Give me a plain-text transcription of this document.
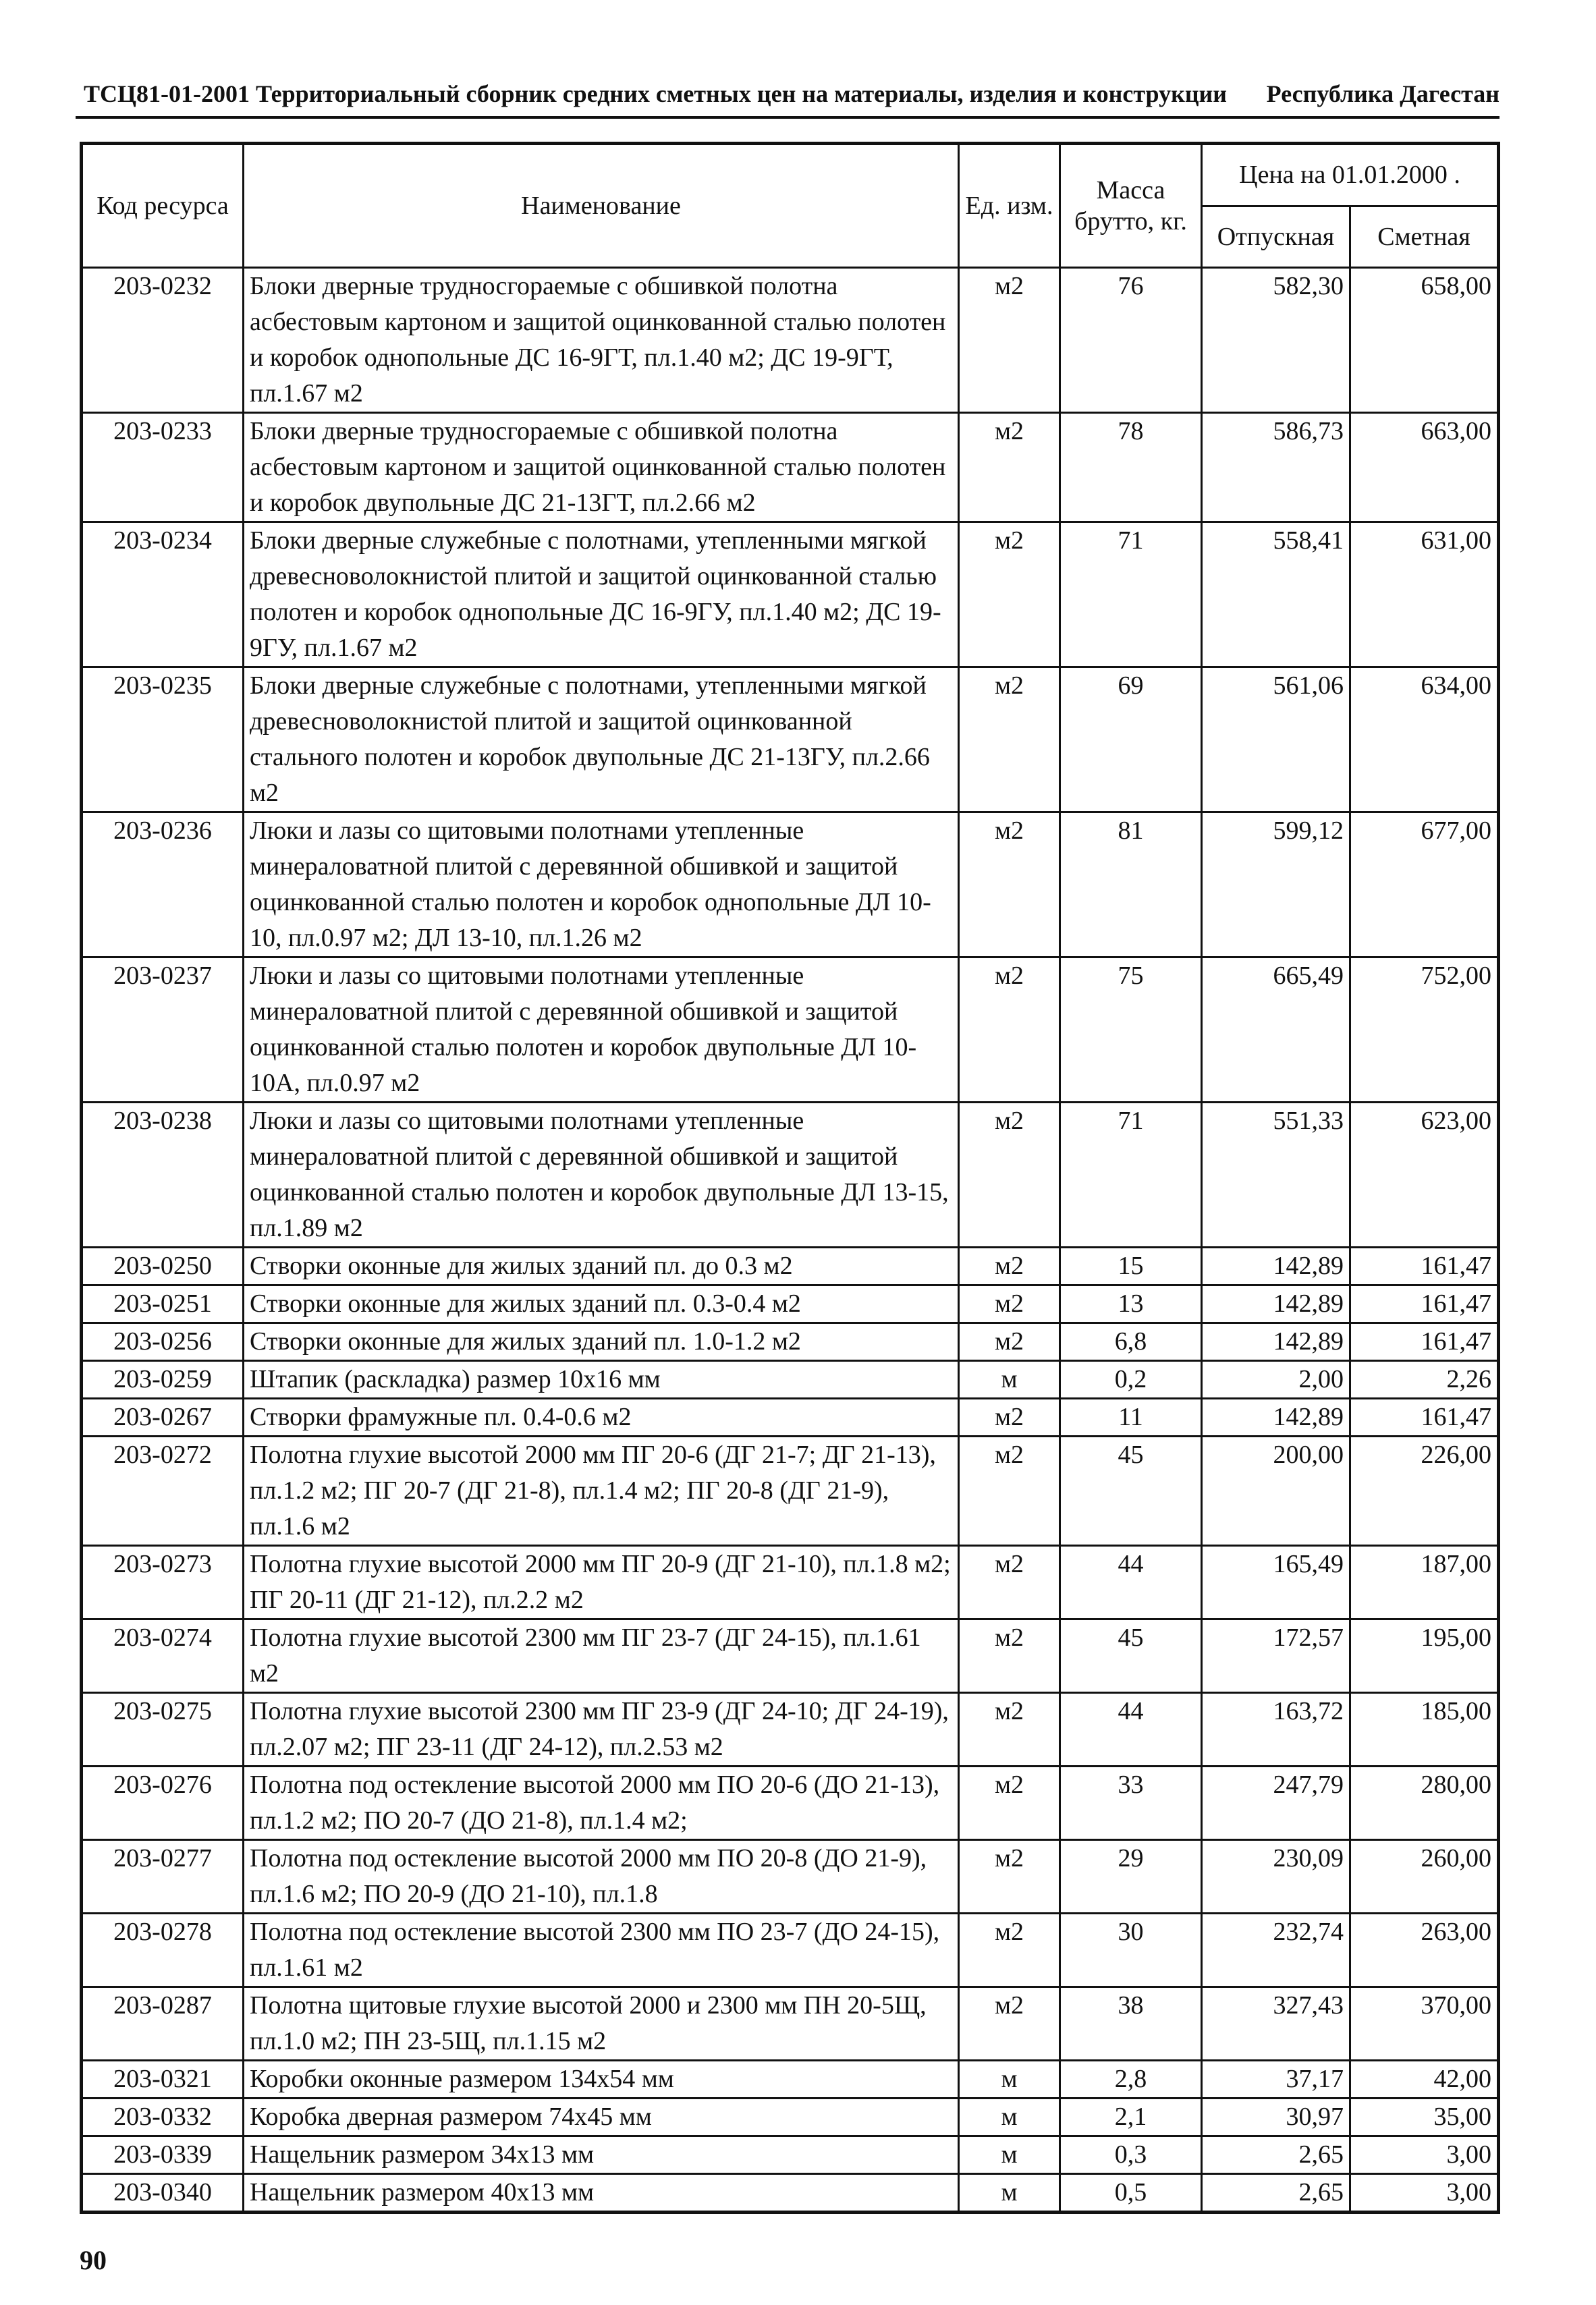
ТСЦ81-01-2001 Территориальный сборник средних сметных цен на материалы, изделия и конструкции Республика Дагестан
Код ресурса	Наименование	Ед. изм.	Масса брутто, кг.	Цена на 01.01.2000 .	
				Отпускная	Сметная
203-0232	Блоки дверные трудносгораемые с обшивкой полотна асбестовым картоном и защитой оцинкованной сталью полотен и коробок однопольные ДС 16-9ГТ, пл.1.40 м2; ДС 19-9ГТ, пл.1.67 м2	м2	76	582,30	658,00
203-0233	Блоки дверные трудносгораемые с обшивкой полотна асбестовым картоном и защитой оцинкованной сталью полотен и коробок двупольные ДС 21-13ГТ, пл.2.66 м2	м2	78	586,73	663,00
203-0234	Блоки дверные служебные с полотнами, утепленными мягкой древесноволокнистой плитой и защитой оцинкованной сталью полотен и коробок однопольные ДС 16-9ГУ, пл.1.40 м2; ДС 19-9ГУ, пл.1.67 м2	м2	71	558,41	631,00
203-0235	Блоки дверные служебные с полотнами, утепленными мягкой древесноволокнистой плитой и защитой оцинкованной стального полотен и коробок двупольные ДС 21-13ГУ, пл.2.66 м2	м2	69	561,06	634,00
203-0236	Люки и лазы со щитовыми полотнами утепленные минераловатной плитой с деревянной обшивкой и защитой оцинкованной сталью полотен и коробок однопольные ДЛ 10-10, пл.0.97 м2; ДЛ 13-10, пл.1.26 м2	м2	81	599,12	677,00
203-0237	Люки и лазы со щитовыми полотнами утепленные минераловатной плитой с деревянной обшивкой и защитой оцинкованной сталью полотен и коробок двупольные ДЛ 10-10А, пл.0.97 м2	м2	75	665,49	752,00
203-0238	Люки и лазы со щитовыми полотнами утепленные минераловатной плитой с деревянной обшивкой и защитой оцинкованной сталью полотен и коробок двупольные ДЛ 13-15, пл.1.89 м2	м2	71	551,33	623,00
203-0250	Створки оконные для жилых зданий пл. до 0.3 м2	м2	15	142,89	161,47
203-0251	Створки оконные для жилых зданий пл. 0.3-0.4 м2	м2	13	142,89	161,47
203-0256	Створки оконные для жилых зданий пл. 1.0-1.2 м2	м2	6,8	142,89	161,47
203-0259	Штапик (раскладка) размер 10x16 мм	м	0,2	2,00	2,26
203-0267	Створки фрамужные пл. 0.4-0.6 м2	м2	11	142,89	161,47
203-0272	Полотна глухие высотой 2000 мм ПГ 20-6 (ДГ 21-7; ДГ 21-13), пл.1.2 м2; ПГ 20-7 (ДГ 21-8), пл.1.4 м2; ПГ 20-8 (ДГ 21-9), пл.1.6 м2	м2	45	200,00	226,00
203-0273	Полотна глухие высотой 2000 мм ПГ 20-9 (ДГ 21-10), пл.1.8 м2; ПГ 20-11 (ДГ 21-12), пл.2.2 м2	м2	44	165,49	187,00
203-0274	Полотна глухие высотой 2300 мм ПГ 23-7 (ДГ 24-15), пл.1.61 м2	м2	45	172,57	195,00
203-0275	Полотна глухие высотой 2300 мм ПГ 23-9 (ДГ 24-10; ДГ 24-19), пл.2.07 м2; ПГ 23-11 (ДГ 24-12), пл.2.53 м2	м2	44	163,72	185,00
203-0276	Полотна под остекление высотой 2000 мм ПО 20-6 (ДО 21-13), пл.1.2 м2; ПО 20-7 (ДО 21-8), пл.1.4 м2;	м2	33	247,79	280,00
203-0277	Полотна под остекление высотой 2000 мм ПО 20-8 (ДО 21-9), пл.1.6 м2; ПО 20-9 (ДО 21-10), пл.1.8	м2	29	230,09	260,00
203-0278	Полотна под остекление высотой 2300 мм ПО 23-7 (ДО 24-15), пл.1.61 м2	м2	30	232,74	263,00
203-0287	Полотна щитовые глухие высотой 2000 и 2300 мм ПН 20-5Щ, пл.1.0 м2; ПН 23-5Щ, пл.1.15 м2	м2	38	327,43	370,00
203-0321	Коробки оконные размером 134x54 мм	м	2,8	37,17	42,00
203-0332	Коробка дверная размером 74x45 мм	м	2,1	30,97	35,00
203-0339	Нащельник размером 34x13 мм	м	0,3	2,65	3,00
203-0340	Нащельник размером 40x13 мм	м	0,5	2,65	3,00
90
